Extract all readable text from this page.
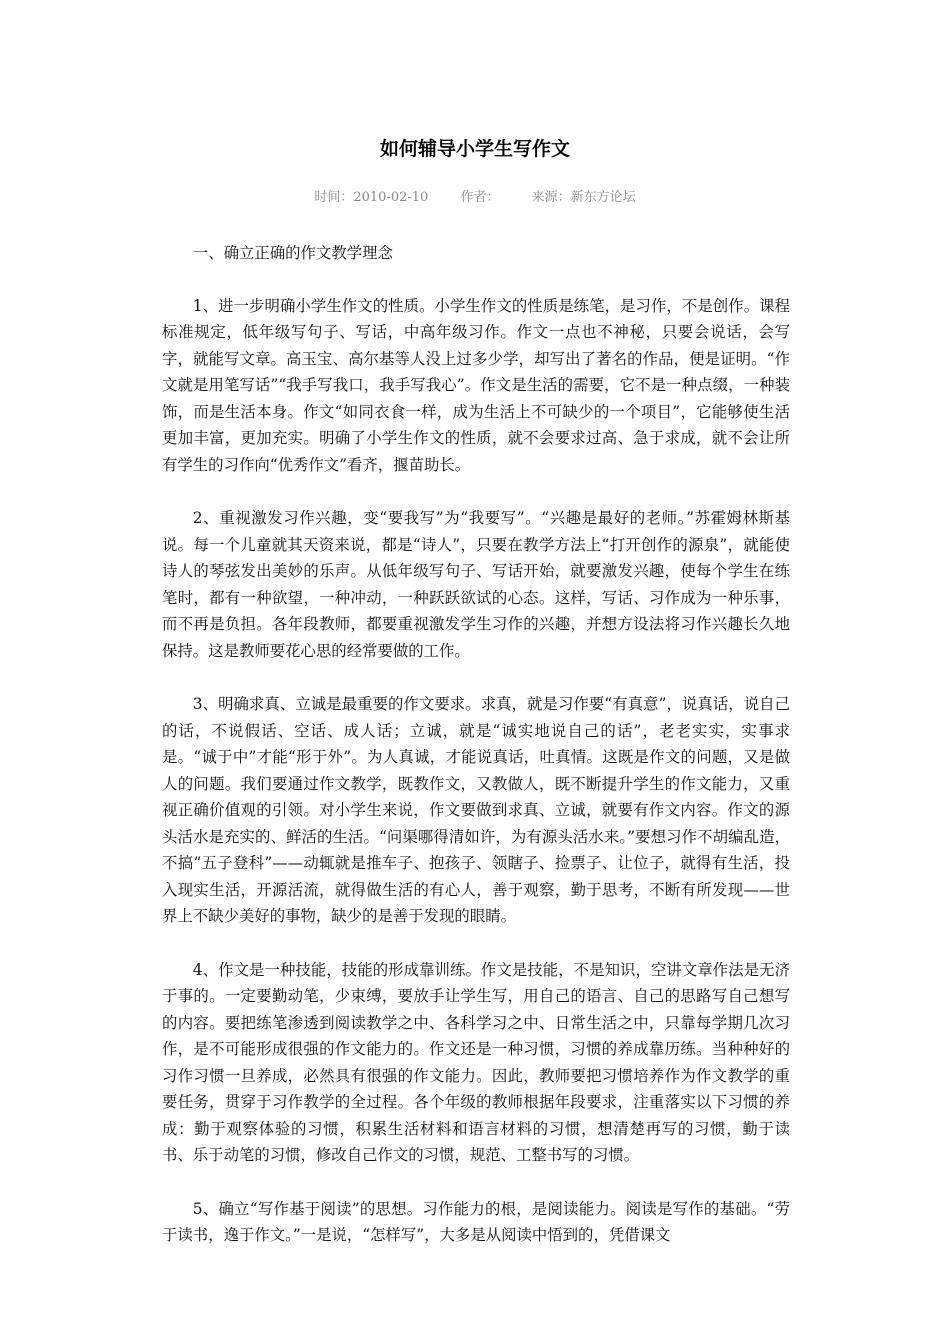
如何辅导小学生写作文
时间：2010-02-10 作者： 来源：新东方论坛
一、确立正确的作文教学理念

1、进一步明确小学生作文的性质。小学生作文的性质是练笔，是习作，不是创作。课程标准规定，低年级写句子、写话，中高年级习作。作文一点也不神秘，只要会说话，会写字，就能写文章。高玉宝、高尔基等人没上过多少学，却写出了著名的作品，便是证明。“作文就是用笔写话”“我手写我口，我手写我心”。作文是生活的需要，它不是一种点缀，一种装饰，而是生活本身。作文“如同衣食一样，成为生活上不可缺少的一个项目”，它能够使生活更加丰富，更加充实。明确了小学生作文的性质，就不会要求过高、急于求成，就不会让所有学生的习作向“优秀作文”看齐，揠苗助长。

2、重视激发习作兴趣，变“要我写”为“我要写”。“兴趣是最好的老师。”苏霍姆林斯基说。每一个儿童就其天资来说，都是“诗人”，只要在教学方法上“打开创作的源泉”，就能使诗人的琴弦发出美妙的乐声。从低年级写句子、写话开始，就要激发兴趣，使每个学生在练笔时，都有一种欲望，一种冲动，一种跃跃欲试的心态。这样，写话、习作成为一种乐事，而不再是负担。各年段教师，都要重视激发学生习作的兴趣，并想方设法将习作兴趣长久地保持。这是教师要花心思的经常要做的工作。

3、明确求真、立诚是最重要的作文要求。求真，就是习作要“有真意”，说真话，说自己的话，不说假话、空话、成人话；立诚，就是“诚实地说自己的话”，老老实实，实事求是。“诚于中”才能“形于外”。为人真诚，才能说真话，吐真情。这既是作文的问题，又是做人的问题。我们要通过作文教学，既教作文，又教做人，既不断提升学生的作文能力，又重视正确价值观的引领。对小学生来说，作文要做到求真、立诚，就要有作文内容。作文的源头活水是充实的、鲜活的生活。“问渠哪得清如许，为有源头活水来。”要想习作不胡编乱造，不搞“五子登科”——动辄就是推车子、抱孩子、领瞎子、捡票子、让位子，就得有生活，投入现实生活，开源活流，就得做生活的有心人，善于观察，勤于思考，不断有所发现——世界上不缺少美好的事物，缺少的是善于发现的眼睛。

4、作文是一种技能，技能的形成靠训练。作文是技能，不是知识，空讲文章作法是无济于事的。一定要勤动笔，少束缚，要放手让学生写，用自己的语言、自己的思路写自己想写的内容。要把练笔渗透到阅读教学之中、各科学习之中、日常生活之中，只靠每学期几次习作，是不可能形成很强的作文能力的。作文还是一种习惯，习惯的养成靠历练。当种种好的习作习惯一旦养成，必然具有很强的作文能力。因此，教师要把习惯培养作为作文教学的重要任务，贯穿于习作教学的全过程。各个年级的教师根据年段要求，注重落实以下习惯的养成：勤于观察体验的习惯，积累生活材料和语言材料的习惯，想清楚再写的习惯，勤于读书、乐于动笔的习惯，修改自己作文的习惯，规范、工整书写的习惯。

5、确立“写作基于阅读”的思想。习作能力的根，是阅读能力。阅读是写作的基础。“劳于读书，逸于作文。”一是说，“怎样写”，大多是从阅读中悟到的，凭借课文
